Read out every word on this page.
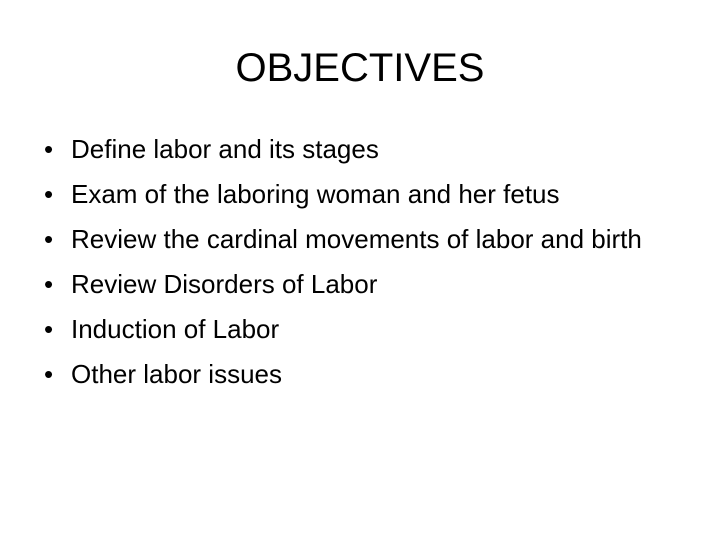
OBJECTIVES
• Define labor and its stages
• Exam of the laboring woman and her fetus
• Review the cardinal movements of labor and birth
• Review Disorders of Labor
• Induction of Labor
• Other labor issues
